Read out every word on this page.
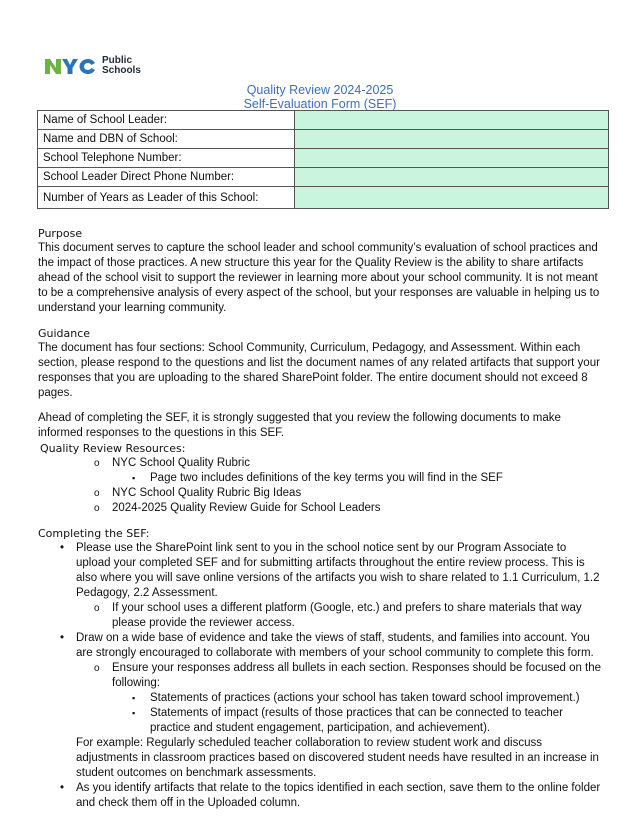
Public
Schools
Quality Review 2024-2025
Self-Evaluation Form (SEF)
Name of School Leader:	
Name and DBN of School:	
School Telephone Number:	
School Leader Direct Phone Number:	
Number of Years as Leader of this School:	
Purpose

This document serves to capture the school leader and school community’s evaluation of school practices and the impact of those practices. A new structure this year for the Quality Review is the ability to share artifacts ahead of the school visit to support the reviewer in learning more about your school community. It is not meant to be a comprehensive analysis of every aspect of the school, but your responses are valuable in helping us to understand your learning community.

Guidance

The document has four sections: School Community, Curriculum, Pedagogy, and Assessment. Within each section, please respond to the questions and list the document names of any related artifacts that support your responses that you are uploading to the shared SharePoint folder. The entire document should not exceed 8 pages.

Ahead of completing the SEF, it is strongly suggested that you review the following documents to make informed responses to the questions in this SEF.

Quality Review Resources:
o NYC School Quality Rubric
▪ Page two includes definitions of the key terms you will find in the SEF
o NYC School Quality Rubric Big Ideas
o 2024-2025 Quality Review Guide for School Leaders
Completing the SEF:
• Please use the SharePoint link sent to you in the school notice sent by our Program Associate to upload your completed SEF and for submitting artifacts throughout the entire review process. This is also where you will save online versions of the artifacts you wish to share related to 1.1 Curriculum, 1.2 Pedagogy, 2.2 Assessment.
o If your school uses a different platform (Google, etc.) and prefers to share materials that way please provide the reviewer access.
• Draw on a wide base of evidence and take the views of staff, students, and families into account. You are strongly encouraged to collaborate with members of your school community to complete this form.
o Ensure your responses address all bullets in each section. Responses should be focused on the following:
▪ Statements of practices (actions your school has taken toward school improvement.)
▪ Statements of impact (results of those practices that can be connected to teacher practice and student engagement, participation, and achievement).
For example: Regularly scheduled teacher collaboration to review student work and discuss adjustments in classroom practices based on discovered student needs have resulted in an increase in student outcomes on benchmark assessments.
• As you identify artifacts that relate to the topics identified in each section, save them to the online folder and check them off in the Uploaded column.
